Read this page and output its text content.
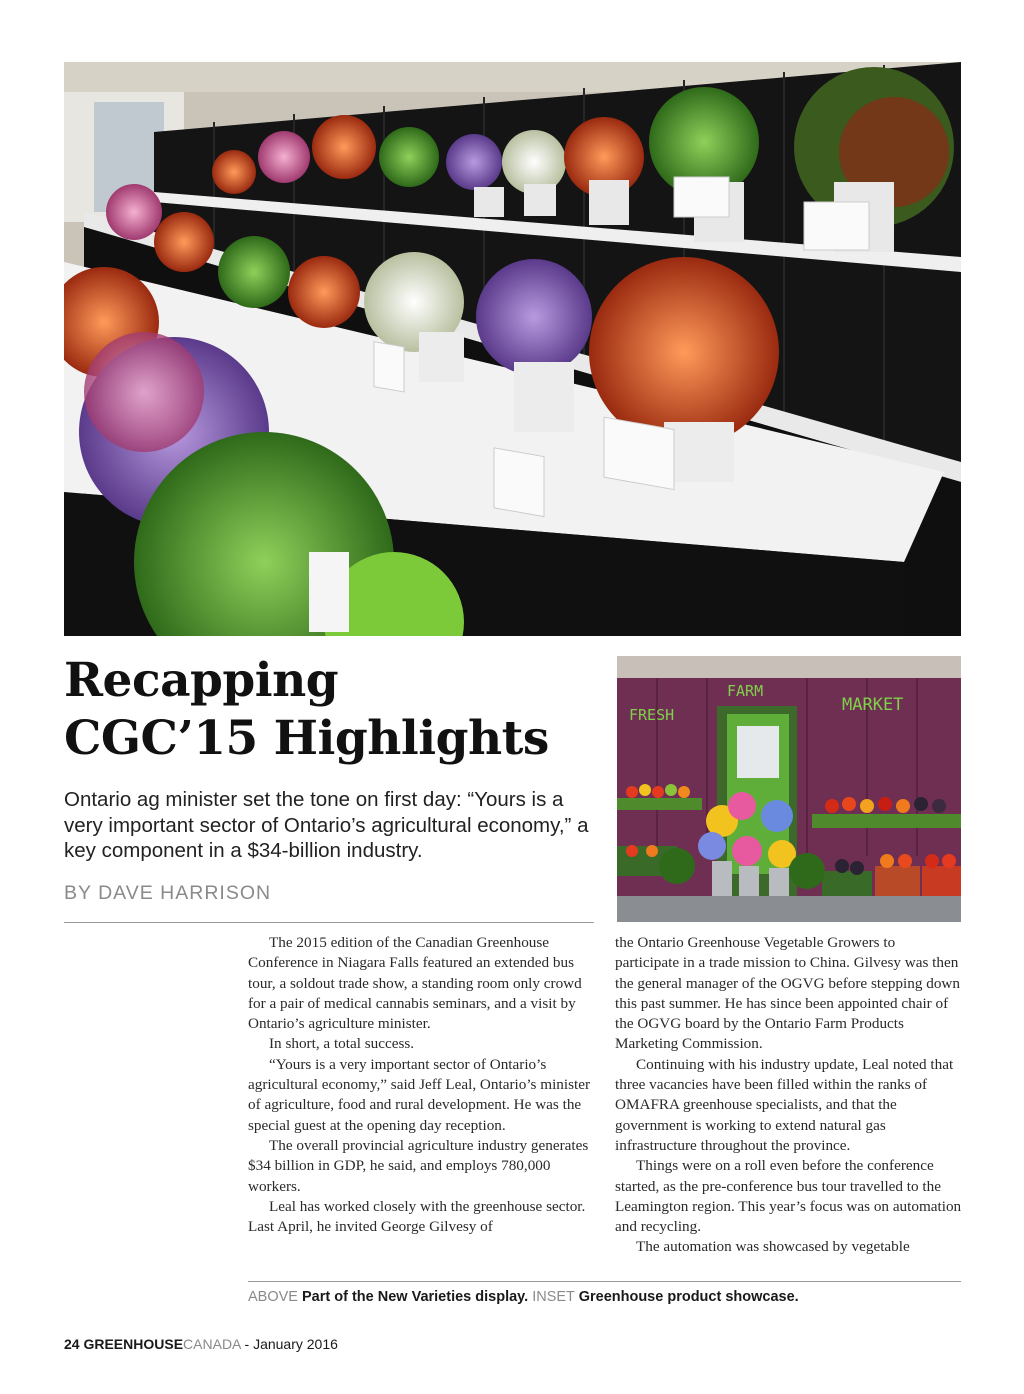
Recapping
CGC’15 Highlights

Ontario ag minister set the tone on first day: “Yours is a very important sector of Ontario’s agricultural economy,” a key component in a $34-billion industry.

BY DAVE HARRISON
FRESH
FARM
MARKET

The 2015 edition of the Canadian Greenhouse Conference in Niagara Falls featured an extended bus tour, a soldout trade show, a standing room only crowd for a pair of medical cannabis seminars, and a visit by Ontario’s agriculture minister.

In short, a total success.

“Yours is a very important sector of Ontario’s agricultural economy,” said Jeff Leal, Ontario’s minister of agriculture, food and rural development. He was the special guest at the opening day reception.

The overall provincial agriculture industry generates $34 billion in GDP, he said, and employs 780,000 workers.

Leal has worked closely with the greenhouse sector. Last April, he invited George Gilvesy of

the Ontario Greenhouse Vegetable Growers to participate in a trade mission to China. Gilvesy was then the general manager of the OGVG before stepping down this past summer. He has since been appointed chair of the OGVG board by the Ontario Farm Products Marketing Commission.

Continuing with his industry update, Leal noted that three vacancies have been filled within the ranks of OMAFRA greenhouse specialists, and that the government is working to extend natural gas infrastructure throughout the province.

Things were on a roll even before the conference started, as the pre-conference bus tour travelled to the Leamington region. This year’s focus was on automation and recycling.

The automation was showcased by vegetable

ABOVE Part of the New Varieties display. INSET Greenhouse product showcase.
24 GREENHOUSECANADA - January 2016
